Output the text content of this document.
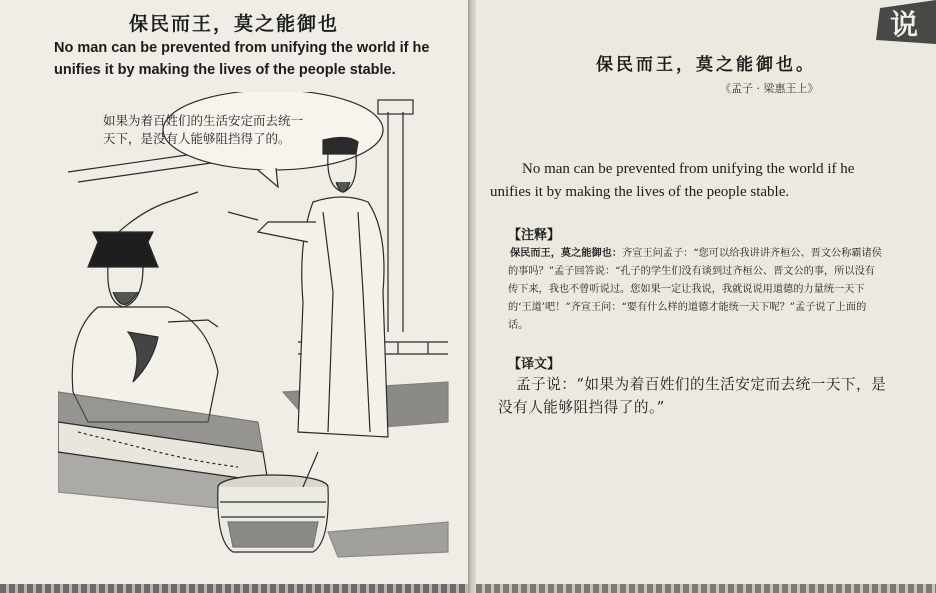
保民而王，莫之能御也
No man can be prevented from unifying the world if he unifies it by making the lives of the people stable.
如果为着百姓们的生活安定而去统一天下，是没有人能够阻挡得了的。
说
保民而王，莫之能御也。
《孟子 · 梁惠王上》
No man can be prevented from unifying the world if he unifies it by making the lives of the people stable.
【注释】
保民而王，莫之能御也：齐宣王问孟子：“您可以给我讲讲齐桓公、晋文公称霸诸侯的事吗？”孟子回答说：“孔子的学生们没有谈到过齐桓公、晋文公的事，所以没有传下来，我也不曾听说过。您如果一定让我说，我就说说用道德的力量统一天下的‘王道’吧！”齐宣王问：“要有什么样的道德才能统一天下呢？”孟子说了上面的话。
【译文】
孟子说：“如果为着百姓们的生活安定而去统一天下，是没有人能够阻挡得了的。”
